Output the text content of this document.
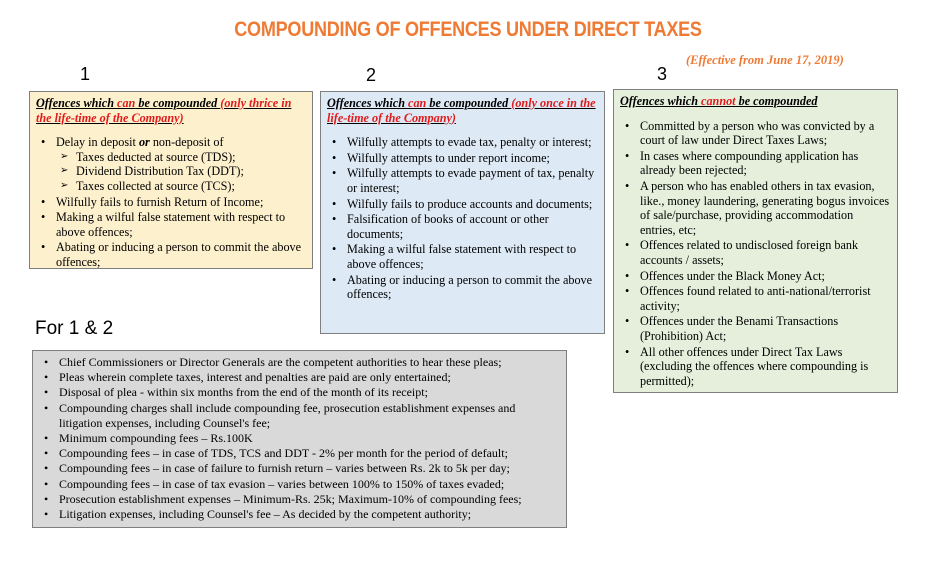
COMPOUNDING OF OFFENCES UNDER DIRECT TAXES
(Effective from June 17, 2019)
1	2	3
Offences which can be compounded (only thrice in the life-time of the Company)
• Delay in deposit or non-deposit of
➢ Taxes deducted at source (TDS);
➢ Dividend Distribution Tax (DDT);
➢ Taxes collected at source (TCS);
• Wilfully fails to furnish Return of Income;
• Making a wilful false statement with respect to above offences;
• Abating or inducing a person to commit the above offences;
Offences which can be compounded (only once in the life-time of the Company)
• Wilfully attempts to evade tax, penalty or interest;
• Wilfully attempts to under report income;
• Wilfully attempts to evade payment of tax, penalty or interest;
• Wilfully fails to produce accounts and documents;
• Falsification of books of account or other documents;
• Making a wilful false statement with respect to above offences;
• Abating or inducing a person to commit the above offences;
Offences which cannot be compounded
• Committed by a person who was convicted by a court of law under Direct Taxes Laws;
• In cases where compounding application has already been rejected;
• A person who has enabled others in tax evasion, like., money laundering, generating bogus invoices of sale/purchase, providing accommodation entries, etc;
• Offences related to undisclosed foreign bank accounts / assets;
• Offences under the Black Money Act;
• Offences found related to anti-national/terrorist activity;
• Offences under the Benami Transactions (Prohibition) Act;
• All other offences under Direct Tax Laws (excluding the offences where compounding is permitted);
For 1 & 2
• Chief Commissioners or Director Generals are the competent authorities to hear these pleas;
• Pleas wherein complete taxes, interest and penalties are paid are only entertained;
• Disposal of plea - within six months from the end of the month of its receipt;
• Compounding charges shall include compounding fee, prosecution establishment expenses and litigation expenses, including Counsel's fee;
• Minimum compounding fees – Rs.100K
• Compounding fees – in case of TDS, TCS and DDT - 2% per month for the period of default;
• Compounding fees – in case of failure to furnish return – varies between Rs. 2k to 5k per day;
• Compounding fees – in case of tax evasion – varies between 100% to 150% of taxes evaded;
• Prosecution establishment expenses – Minimum-Rs. 25k; Maximum-10% of compounding fees;
• Litigation expenses, including Counsel's fee – As decided by the competent authority;
